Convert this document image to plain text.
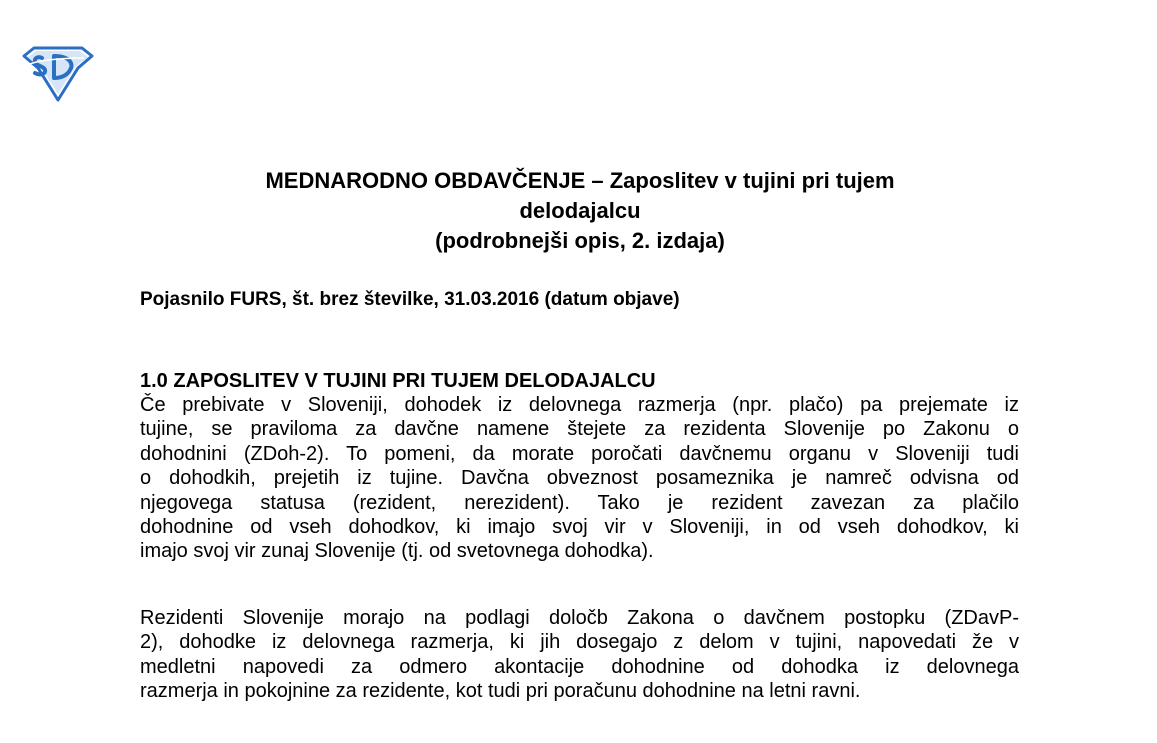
MEDNARODNO OBDAVČENJE – Zaposlitev v tujini pri tujem
delodajalcu
(podrobnejši opis, 2. izdaja)

Pojasnilo FURS, št. brez številke, 31.03.2016 (datum objave)

1.0 ZAPOSLITEV V TUJINI PRI TUJEM DELODAJALCU
Če prebivate v Sloveniji, dohodek iz delovnega razmerja (npr. plačo) pa prejemate iz
tujine, se praviloma za davčne namene štejete za rezidenta Slovenije po Zakonu o
dohodnini (ZDoh-2). To pomeni, da morate poročati davčnemu organu v Sloveniji tudi
o dohodkih, prejetih iz tujine. Davčna obveznost posameznika je namreč odvisna od
njegovega statusa (rezident, nerezident). Tako je rezident zavezan za plačilo
dohodnine od vseh dohodkov, ki imajo svoj vir v Sloveniji, in od vseh dohodkov, ki
imajo svoj vir zunaj Slovenije (tj. od svetovnega dohodka).
Rezidenti Slovenije morajo na podlagi določb Zakona o davčnem postopku (ZDavP-
2), dohodke iz delovnega razmerja, ki jih dosegajo z delom v tujini, napovedati že v
medletni napovedi za odmero akontacije dohodnine od dohodka iz delovnega
razmerja in pokojnine za rezidente, kot tudi pri poračunu dohodnine na letni ravni.
